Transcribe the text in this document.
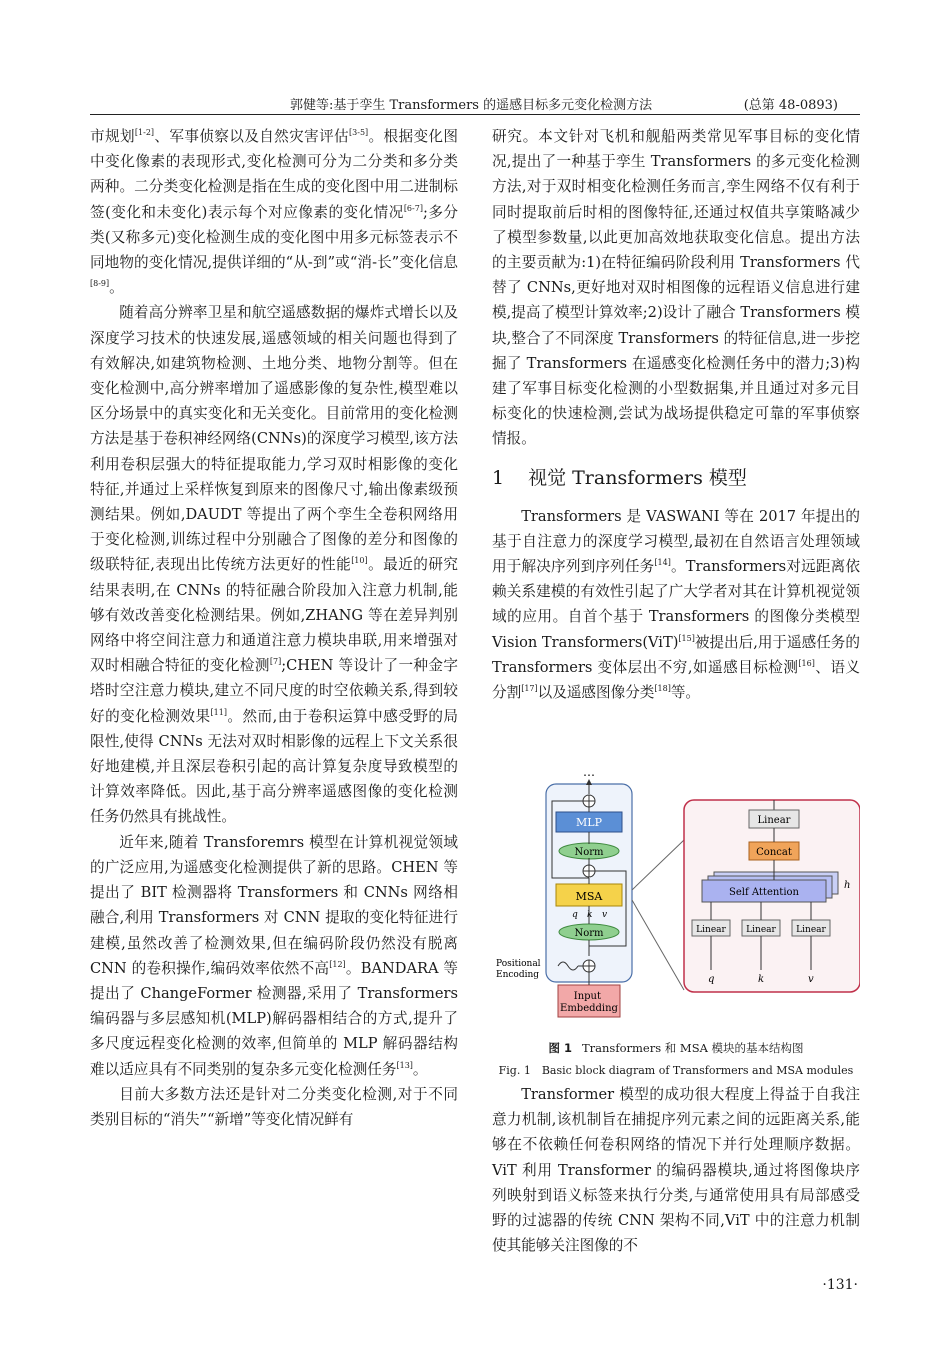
郭健等:基于孪生 Transformers 的遥感目标多元变化检测方法	(总第 48-0893)

市规划[1-2]、军事侦察以及自然灾害评估[3-5]。根据变化图中变化像素的表现形式,变化检测可分为二分类和多分类两种。二分类变化检测是指在生成的变化图中用二进制标签(变化和未变化)表示每个对应像素的变化情况[6-7];多分类(又称多元)变化检测生成的变化图中用多元标签表示不同地物的变化情况,提供详细的“从-到”或“消-长”变化信息[8-9]。

随着高分辨率卫星和航空遥感数据的爆炸式增长以及深度学习技术的快速发展,遥感领域的相关问题也得到了有效解决,如建筑物检测、土地分类、地物分割等。但在变化检测中,高分辨率增加了遥感影像的复杂性,模型难以区分场景中的真实变化和无关变化。目前常用的变化检测方法是基于卷积神经网络(CNNs)的深度学习模型,该方法利用卷积层强大的特征提取能力,学习双时相影像的变化特征,并通过上采样恢复到原来的图像尺寸,输出像素级预测结果。例如,DAUDT 等提出了两个孪生全卷积网络用于变化检测,训练过程中分别融合了图像的差分和图像的级联特征,表现出比传统方法更好的性能[10]。最近的研究结果表明,在 CNNs 的特征融合阶段加入注意力机制,能够有效改善变化检测结果。例如,ZHANG 等在差异判别网络中将空间注意力和通道注意力模块串联,用来增强对双时相融合特征的变化检测[7];CHEN 等设计了一种金字塔时空注意力模块,建立不同尺度的时空依赖关系,得到较好的变化检测效果[11]。然而,由于卷积运算中感受野的局限性,使得 CNNs 无法对双时相影像的远程上下文关系很好地建模,并且深层卷积引起的高计算复杂度导致模型的计算效率降低。因此,基于高分辨率遥感图像的变化检测任务仍然具有挑战性。

近年来,随着 Transforemrs 模型在计算机视觉领域的广泛应用,为遥感变化检测提供了新的思路。CHEN 等提出了 BIT 检测器将 Transformers 和 CNNs 网络相融合,利用 Transformers 对 CNN 提取的变化特征进行建模,虽然改善了检测效果,但在编码阶段仍然没有脱离 CNN 的卷积操作,编码效率依然不高[12]。BANDARA 等提出了 ChangeFormer 检测器,采用了 Transformers 编码器与多层感知机(MLP)解码器相结合的方式,提升了多尺度远程变化检测的效率,但简单的 MLP 解码器结构难以适应具有不同类别的复杂多元变化检测任务[13]。

目前大多数方法还是针对二分类变化检测,对于不同类别目标的“消失”“新增”等变化情况鲜有

研究。本文针对飞机和舰船两类常见军事目标的变化情况,提出了一种基于孪生 Transformers 的多元变化检测方法,对于双时相变化检测任务而言,孪生网络不仅有利于同时提取前后时相的图像特征,还通过权值共享策略减少了模型参数量,以此更加高效地获取变化信息。提出方法的主要贡献为:1)在特征编码阶段利用 Transformers 代替了 CNNs,更好地对双时相图像的远程语义信息进行建模,提高了模型计算效率;2)设计了融合 Transformers 模块,整合了不同深度 Transformers 的特征信息,进一步挖掘了 Transformers 在遥感变化检测任务中的潜力;3)构建了军事目标变化检测的小型数据集,并且通过对多元目标变化的快速检测,尝试为战场提供稳定可靠的军事侦察情报。

1 视觉 Transformers 模型

Transformers 是 VASWANI 等在 2017 年提出的基于自注意力的深度学习模型,最初在自然语言处理领域用于解决序列到序列任务[14]。Transformers对远距离依赖关系建模的有效性引起了广大学者对其在计算机视觉领域的应用。自首个基于 Transformers 的图像分类模型 Vision Transformers(ViT)[15]被提出后,用于遥感任务的 Transformers 变体层出不穷,如遥感目标检测[16]、语义分割[17]以及遥感图像分类[18]等。

…
MLP
Norm
MSA
q k v
Norm
Positional Encoding
Input Embedding
Linear
Concat
Self Attention
h
Linear Linear Linear
q	k	v
图 1 Transformers 和 MSA 模块的基本结构图
Fig. 1　Basic block diagram of Transformers and MSA modules

Transformer 模型的成功很大程度上得益于自我注意力机制,该机制旨在捕捉序列元素之间的远距离关系,能够在不依赖任何卷积网络的情况下并行处理顺序数据。ViT 利用 Transformer 的编码器模块,通过将图像块序列映射到语义标签来执行分类,与通常使用具有局部感受野的过滤器的传统 CNN 架构不同,ViT 中的注意力机制使其能够关注图像的不

·131·
